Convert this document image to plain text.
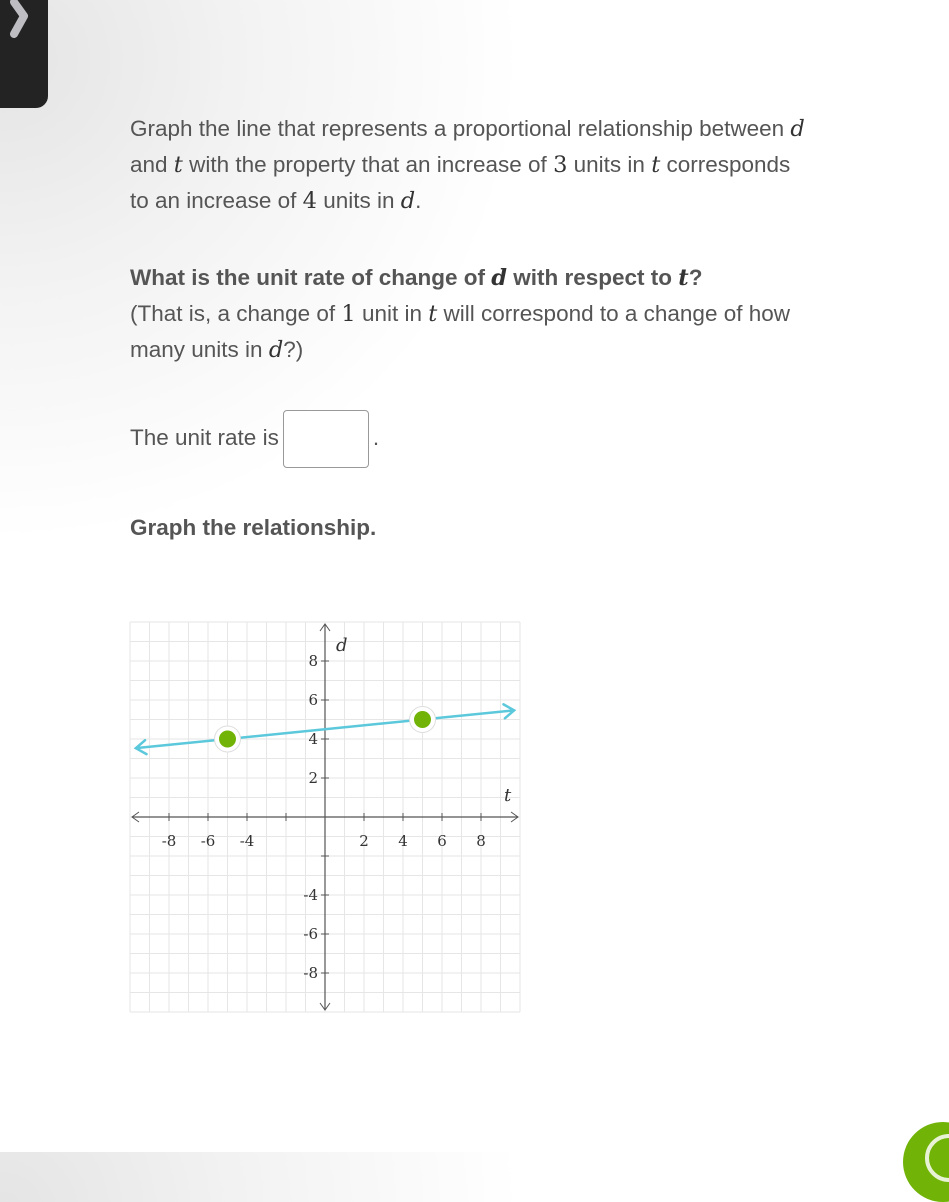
Graph the line that represents a proportional relationship between d and t with the property that an increase of 3 units in t corresponds to an increase of 4 units in d.

What is the unit rate of change of d with respect to t?
(That is, a change of 1 unit in t will correspond to a change of how many units in d?)

The unit rate is	.

Graph the relationship.

-8 -6 -4	2 4 6 8
8
6
4
2
-4
-6
-8
d
t
